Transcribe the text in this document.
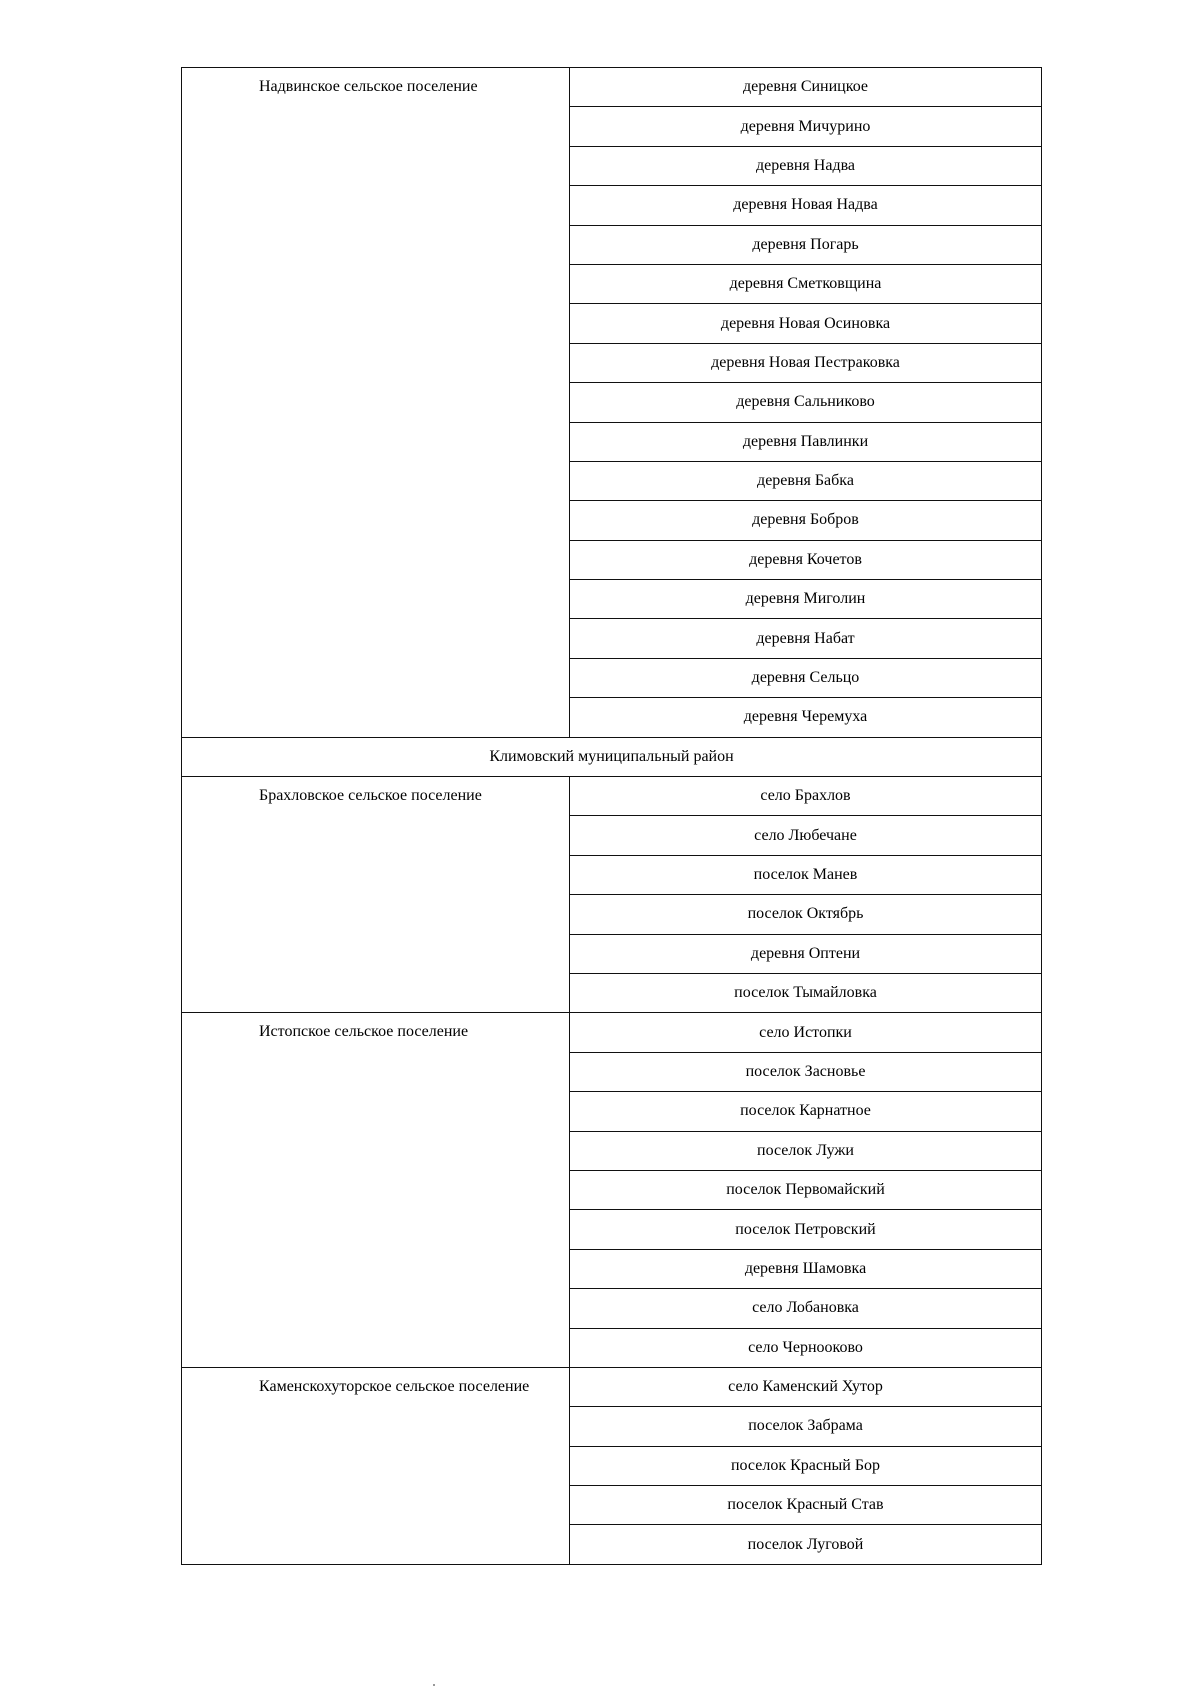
Надвинское сельское поселение	деревня Синицкое
	деревня Мичурино
	деревня Надва
	деревня Новая Надва
	деревня Погарь
	деревня Сметковщина
	деревня Новая Осиновка
	деревня Новая Пестраковка
	деревня Сальниково
	деревня Павлинки
	деревня Бабка
	деревня Бобров
	деревня Кочетов
	деревня Миголин
	деревня Набат
	деревня Сельцо
	деревня Черемуха
Климовский муниципальный район	

Брахловское сельское поселение	село Брахлов
	село Любечане
	поселок Манев
	поселок Октябрь
	деревня Оптени
	поселок Тымайловка

Истопское сельское поселение	село Истопки
	поселок Засновье
	поселок Карнатное
	поселок Лужи
	поселок Первомайский
	поселок Петровский
	деревня Шамовка
	село Лобановка
	село Чернооково

Каменскохуторское сельское поселение	село Каменский Хутор
	поселок Забрама
	поселок Красный Бор
	поселок Красный Став
	поселок Луговой
